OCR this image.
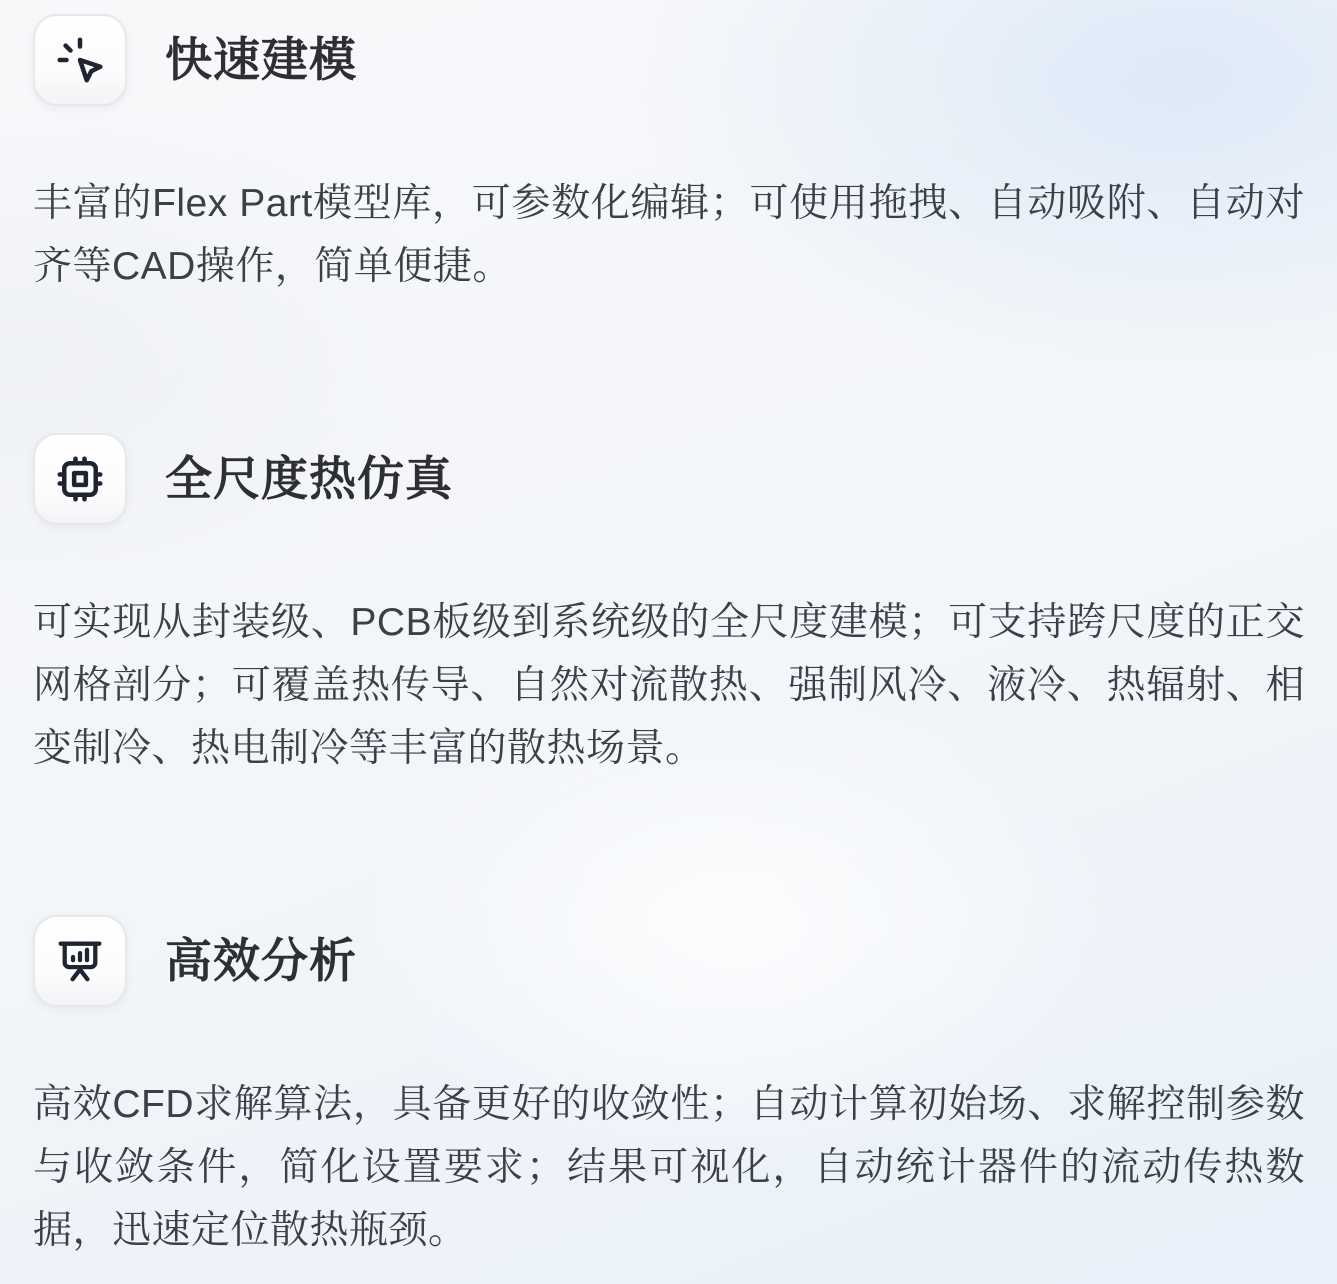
快速建模

丰富的Flex Part模型库，可参数化编辑；可使用拖拽、自动吸附、自动对齐等CAD操作，简单便捷。

全尺度热仿真

可实现从封装级、PCB板级到系统级的全尺度建模；可支持跨尺度的正交网格剖分；可覆盖热传导、自然对流散热、强制风冷、液冷、热辐射、相变制冷、热电制冷等丰富的散热场景。

高效分析

高效CFD求解算法，具备更好的收敛性；自动计算初始场、求解控制参数与收敛条件，简化设置要求；结果可视化，自动统计器件的流动传热数据，迅速定位散热瓶颈。
